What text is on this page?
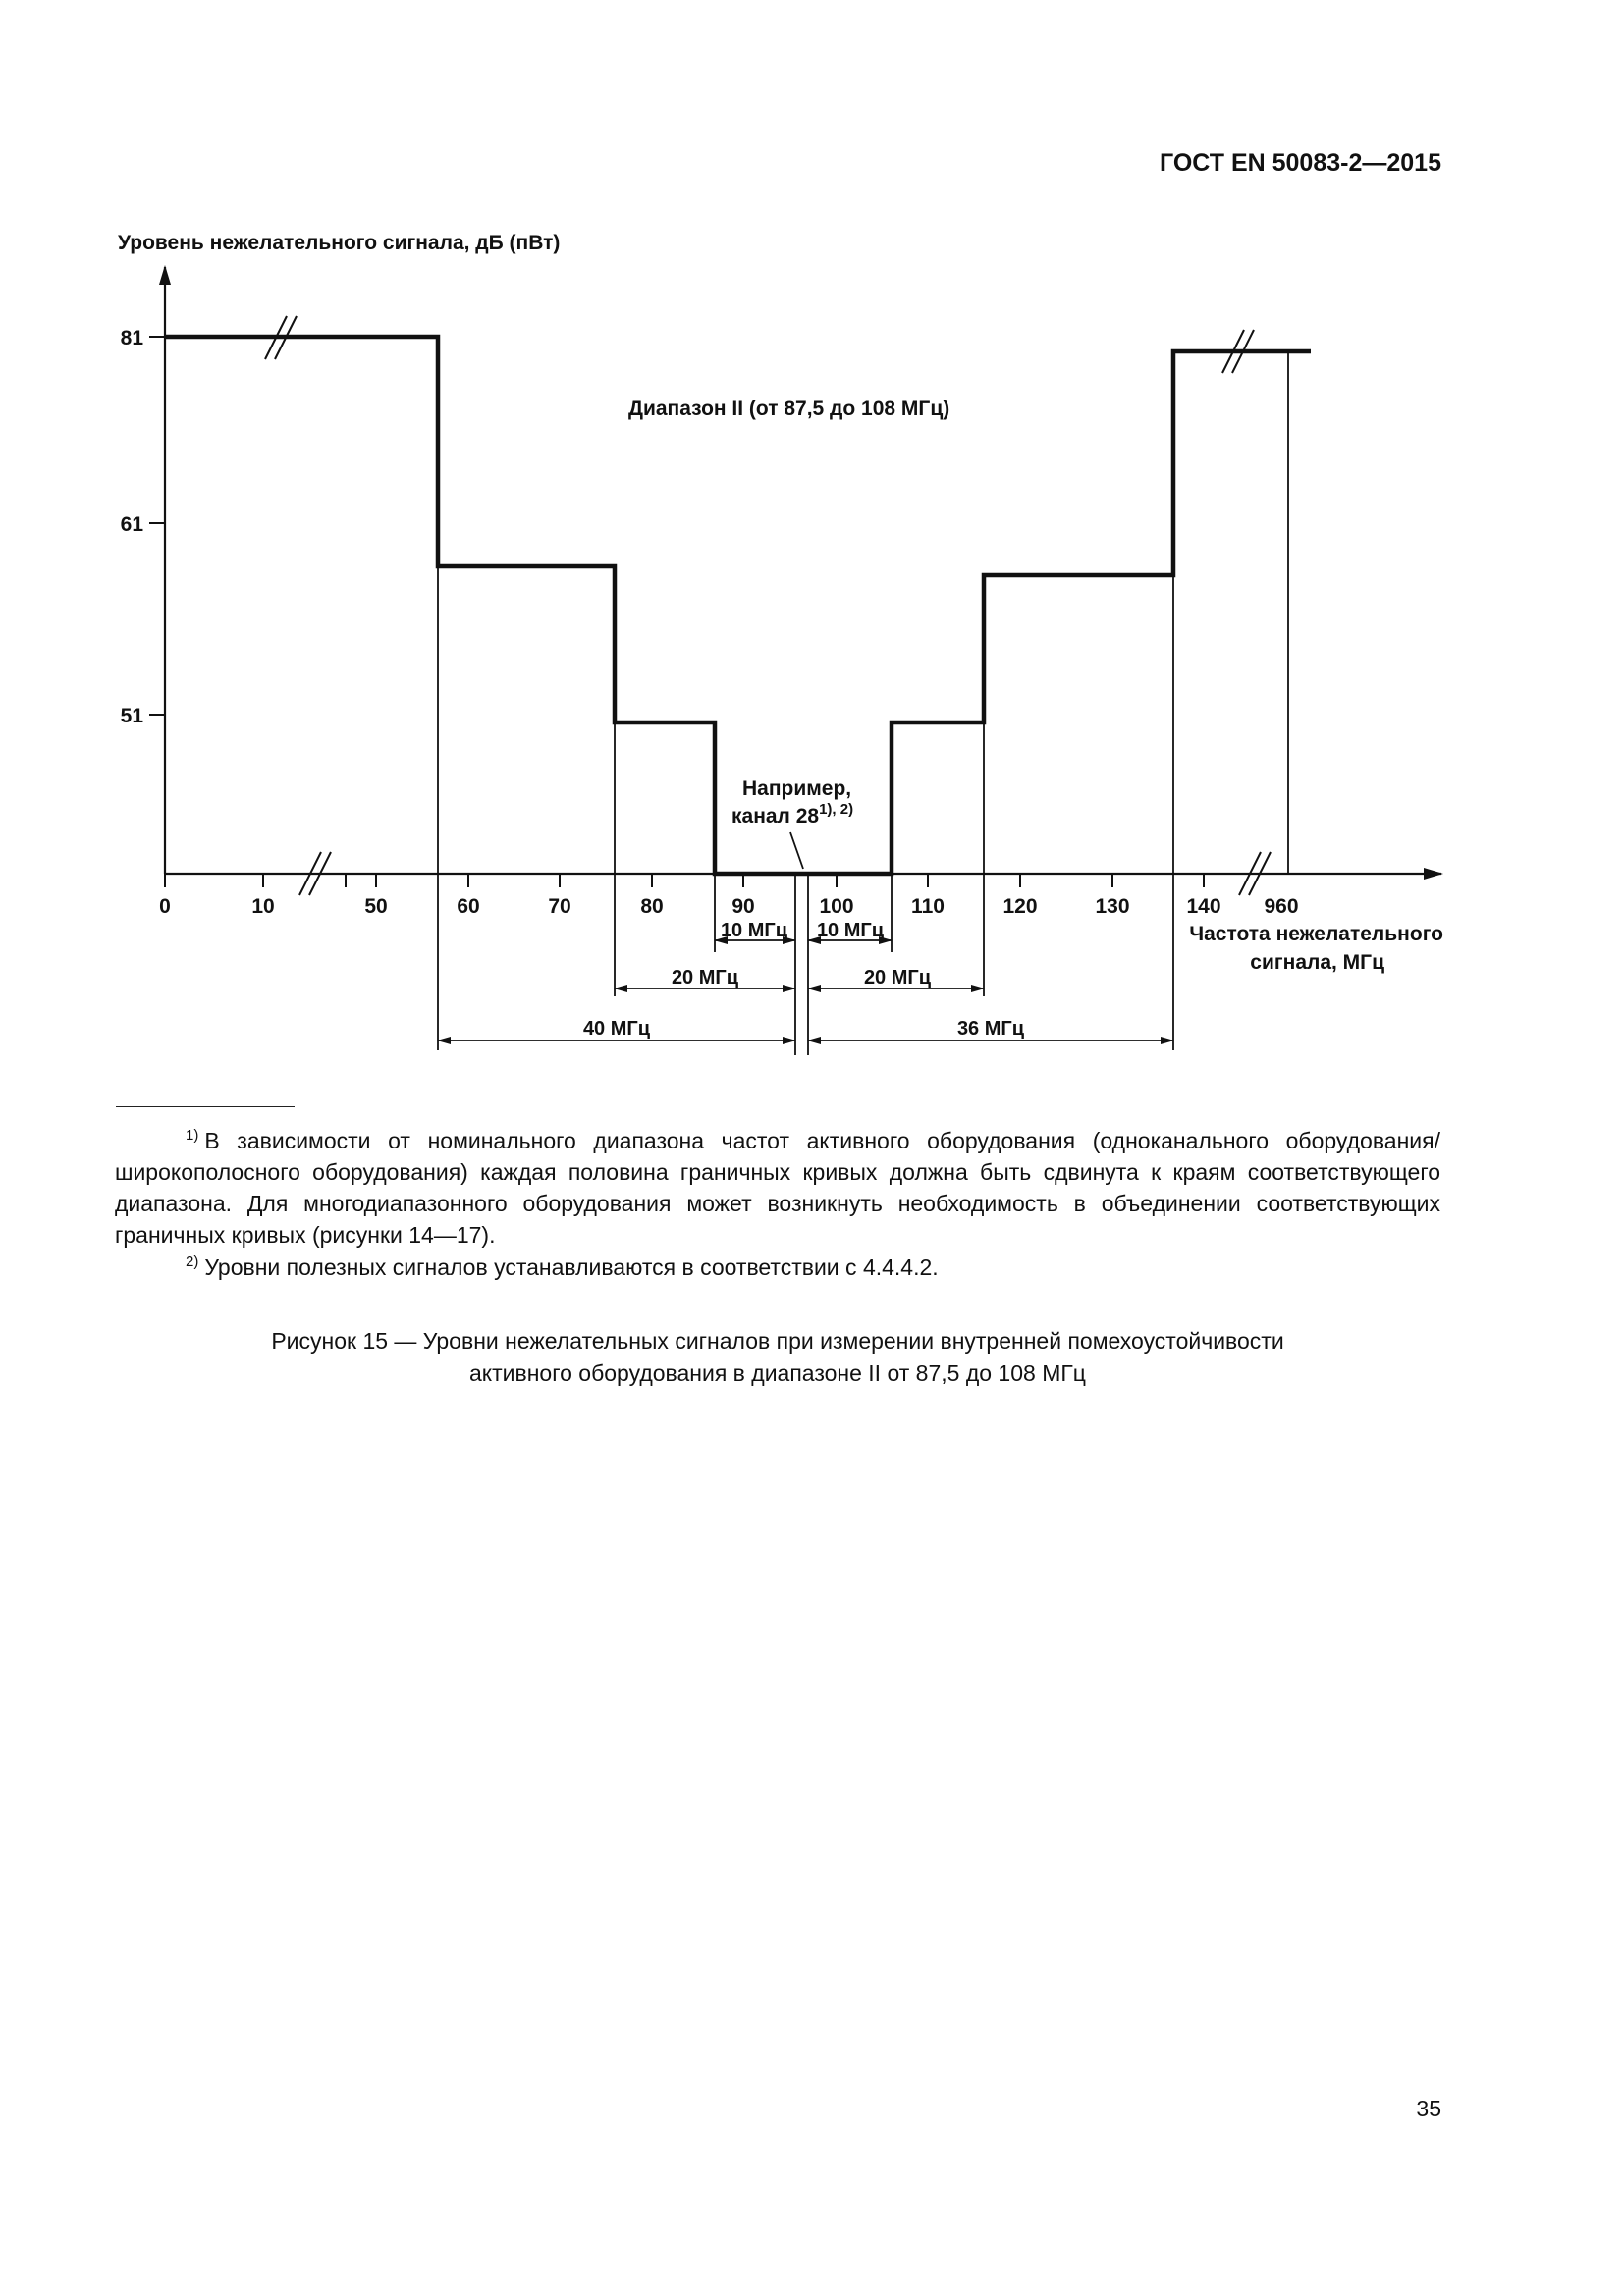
ГОСТ EN 50083-2—2015
Уровень нежелательного сигнала, дБ (пВт)
Диапазон II (от 87,5 до 108 МГц)
81
61
51
0	10	50	60	70	80	90	100	110	120	130	140 960
Например,
канал $28^{1), 2)}$
10 МГц 10 МГц
20 МГц	20 МГц
40 МГц	36 МГц
Частота нежелательного
сигнала, МГц
$^{1)}$ В зависимости от номинального диапазона частот активного оборудования (одноканального оборудования/широкополосного оборудования) каждая половина граничных кривых должна быть сдвинута к краям соответствующего диапазона. Для многодиапазонного оборудования может возникнуть необходимость в объединении соответствующих граничных кривых (рисунки 14—17).
$^{2)}$ Уровни полезных сигналов устанавливаются в соответствии с 4.4.4.2.
Рисунок 15 — Уровни нежелательных сигналов при измерении внутренней помехоустойчивости
активного оборудования в диапазоне II от 87,5 до 108 МГц
35
